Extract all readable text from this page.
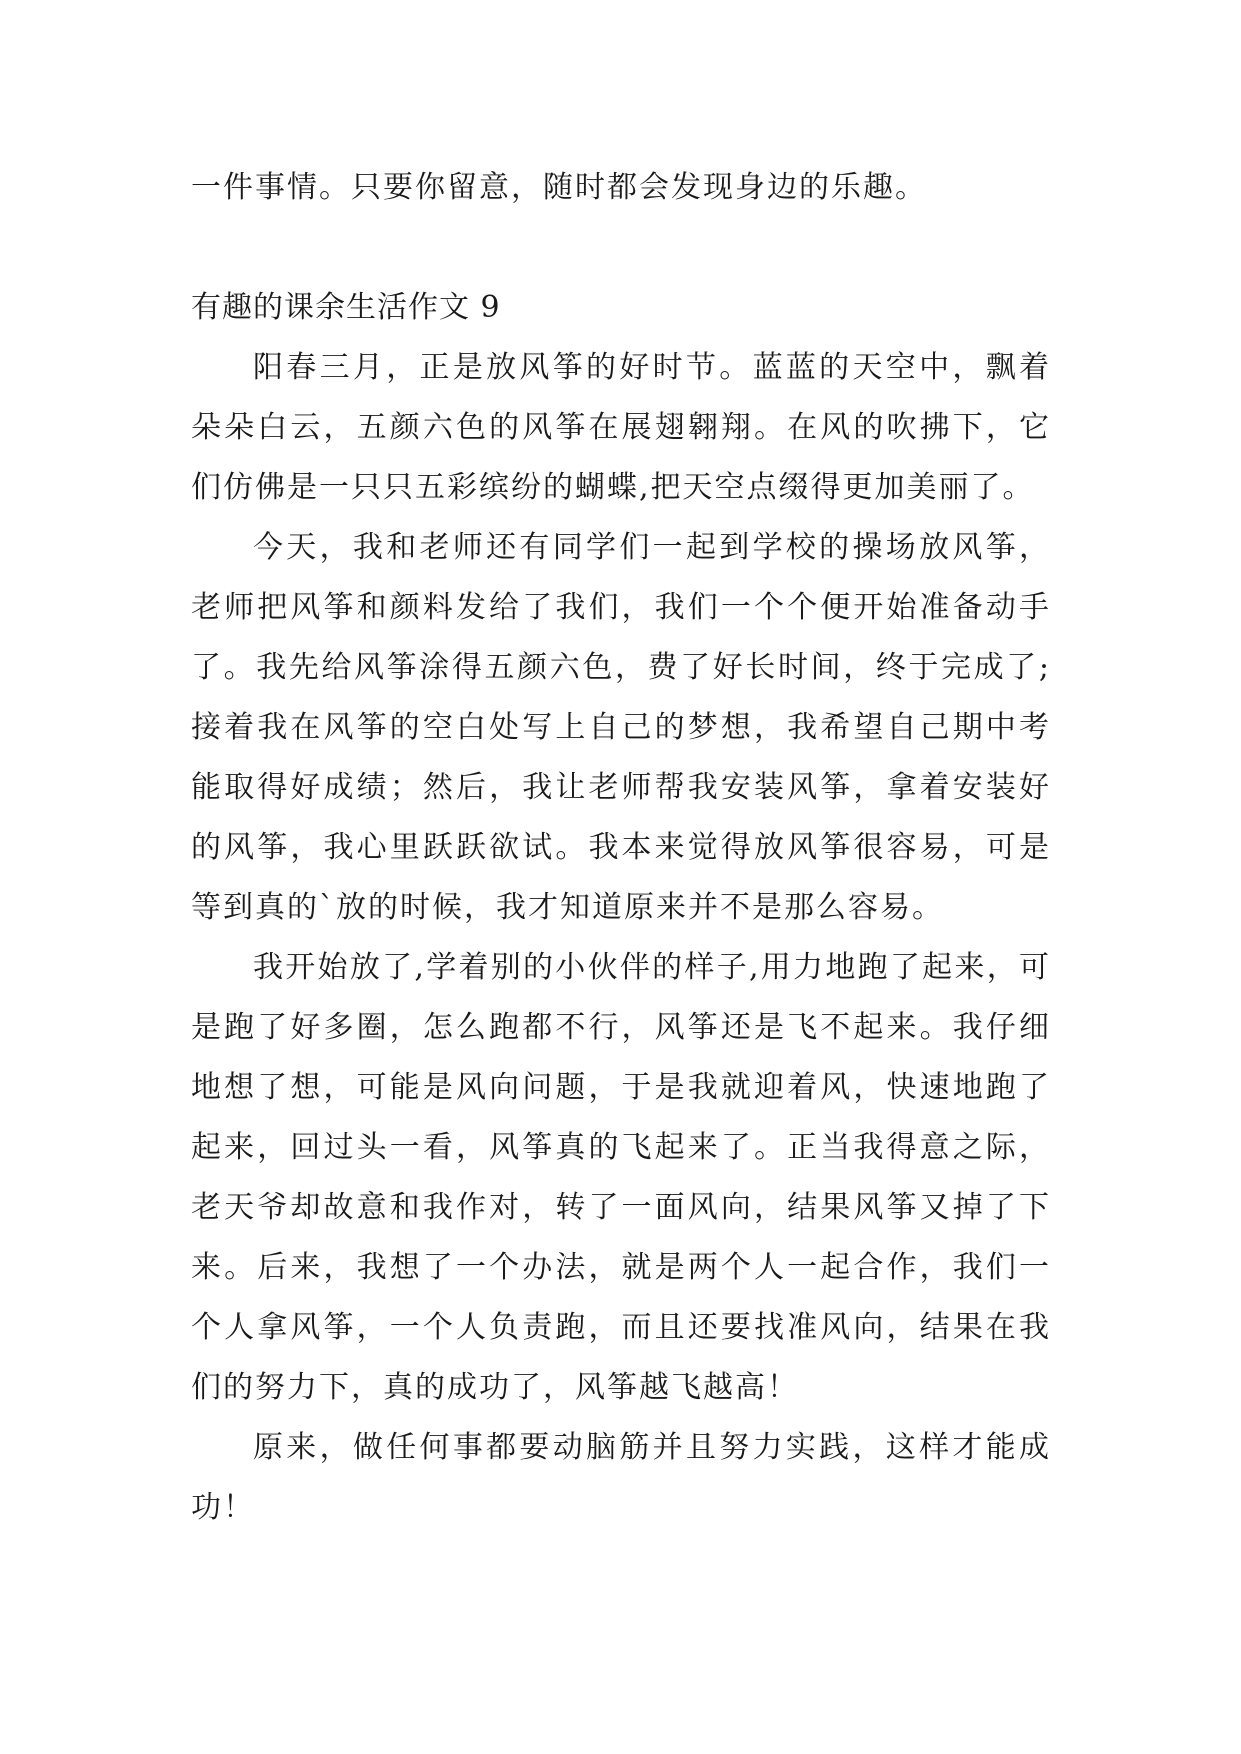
一件事情。只要你留意，随时都会发现身边的乐趣。

有趣的课余生活作文 9

阳春三月，正是放风筝的好时节。蓝蓝的天空中，飘着朵朵白云，五颜六色的风筝在展翅翱翔。在风的吹拂下，它们仿佛是一只只五彩缤纷的蝴蝶,把天空点缀得更加美丽了。

今天，我和老师还有同学们一起到学校的操场放风筝，老师把风筝和颜料发给了我们，我们一个个便开始准备动手了。我先给风筝涂得五颜六色，费了好长时间，终于完成了;接着我在风筝的空白处写上自己的梦想，我希望自己期中考能取得好成绩；然后，我让老师帮我安装风筝，拿着安装好的风筝，我心里跃跃欲试。我本来觉得放风筝很容易，可是等到真的`放的时候，我才知道原来并不是那么容易。

我开始放了,学着别的小伙伴的样子,用力地跑了起来，可是跑了好多圈，怎么跑都不行，风筝还是飞不起来。我仔细地想了想，可能是风向问题，于是我就迎着风，快速地跑了起来，回过头一看，风筝真的飞起来了。正当我得意之际，老天爷却故意和我作对，转了一面风向，结果风筝又掉了下来。后来，我想了一个办法，就是两个人一起合作，我们一个人拿风筝，一个人负责跑，而且还要找准风向，结果在我们的努力下，真的成功了，风筝越飞越高！

原来，做任何事都要动脑筋并且努力实践，这样才能成功！
